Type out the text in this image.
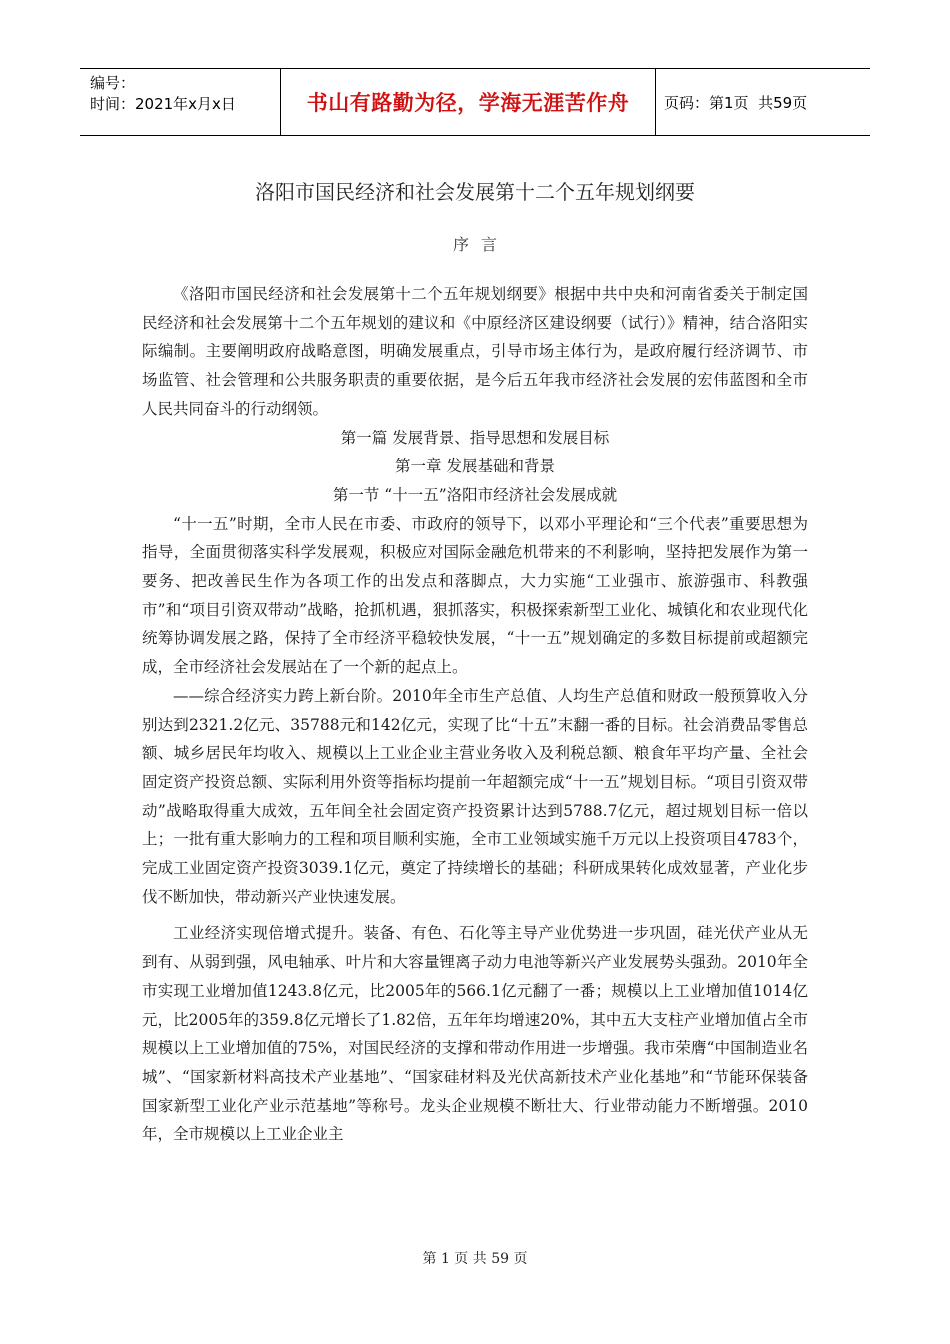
编号：
时间：2021年x月x日	书山有路勤为径，学海无涯苦作舟 页码：第1页  共59页
洛阳市国民经济和社会发展第十二个五年规划纲要
序言

《洛阳市国民经济和社会发展第十二个五年规划纲要》根据中共中央和河南省委关于制定国民经济和社会发展第十二个五年规划的建议和《中原经济区建设纲要（试行）》精神，结合洛阳实际编制。主要阐明政府战略意图，明确发展重点，引导市场主体行为，是政府履行经济调节、市场监管、社会管理和公共服务职责的重要依据，是今后五年我市经济社会发展的宏伟蓝图和全市人民共同奋斗的行动纲领。

第一篇 发展背景、指导思想和发展目标

第一章 发展基础和背景

第一节 “十一五”洛阳市经济社会发展成就

“十一五”时期，全市人民在市委、市政府的领导下，以邓小平理论和“三个代表”重要思想为指导，全面贯彻落实科学发展观，积极应对国际金融危机带来的不利影响，坚持把发展作为第一要务、把改善民生作为各项工作的出发点和落脚点，大力实施“工业强市、旅游强市、科教强市”和“项目引资双带动”战略，抢抓机遇，狠抓落实，积极探索新型工业化、城镇化和农业现代化统筹协调发展之路，保持了全市经济平稳较快发展，“十一五”规划确定的多数目标提前或超额完成，全市经济社会发展站在了一个新的起点上。

——综合经济实力跨上新台阶。2010年全市生产总值、人均生产总值和财政一般预算收入分别达到2321.2亿元、35788元和142亿元，实现了比“十五”末翻一番的目标。社会消费品零售总额、城乡居民年均收入、规模以上工业企业主营业务收入及利税总额、粮食年平均产量、全社会固定资产投资总额、实际利用外资等指标均提前一年超额完成“十一五”规划目标。“项目引资双带动”战略取得重大成效，五年间全社会固定资产投资累计达到5788.7亿元，超过规划目标一倍以上；一批有重大影响力的工程和项目顺利实施，全市工业领域实施千万元以上投资项目4783个，完成工业固定资产投资3039.1亿元，奠定了持续增长的基础；科研成果转化成效显著，产业化步伐不断加快，带动新兴产业快速发展。

工业经济实现倍增式提升。装备、有色、石化等主导产业优势进一步巩固，硅光伏产业从无到有、从弱到强，风电轴承、叶片和大容量锂离子动力电池等新兴产业发展势头强劲。2010年全市实现工业增加值1243.8亿元，比2005年的566.1亿元翻了一番；规模以上工业增加值1014亿元，比2005年的359.8亿元增长了1.82倍，五年年均增速20%，其中五大支柱产业增加值占全市规模以上工业增加值的75%，对国民经济的支撑和带动作用进一步增强。我市荣膺“中国制造业名城”、“国家新材料高技术产业基地”、“国家硅材料及光伏高新技术产业化基地”和“节能环保装备国家新型工业化产业示范基地”等称号。龙头企业规模不断壮大、行业带动能力不断增强。2010年，全市规模以上工业企业主

第 1 页 共 59 页
